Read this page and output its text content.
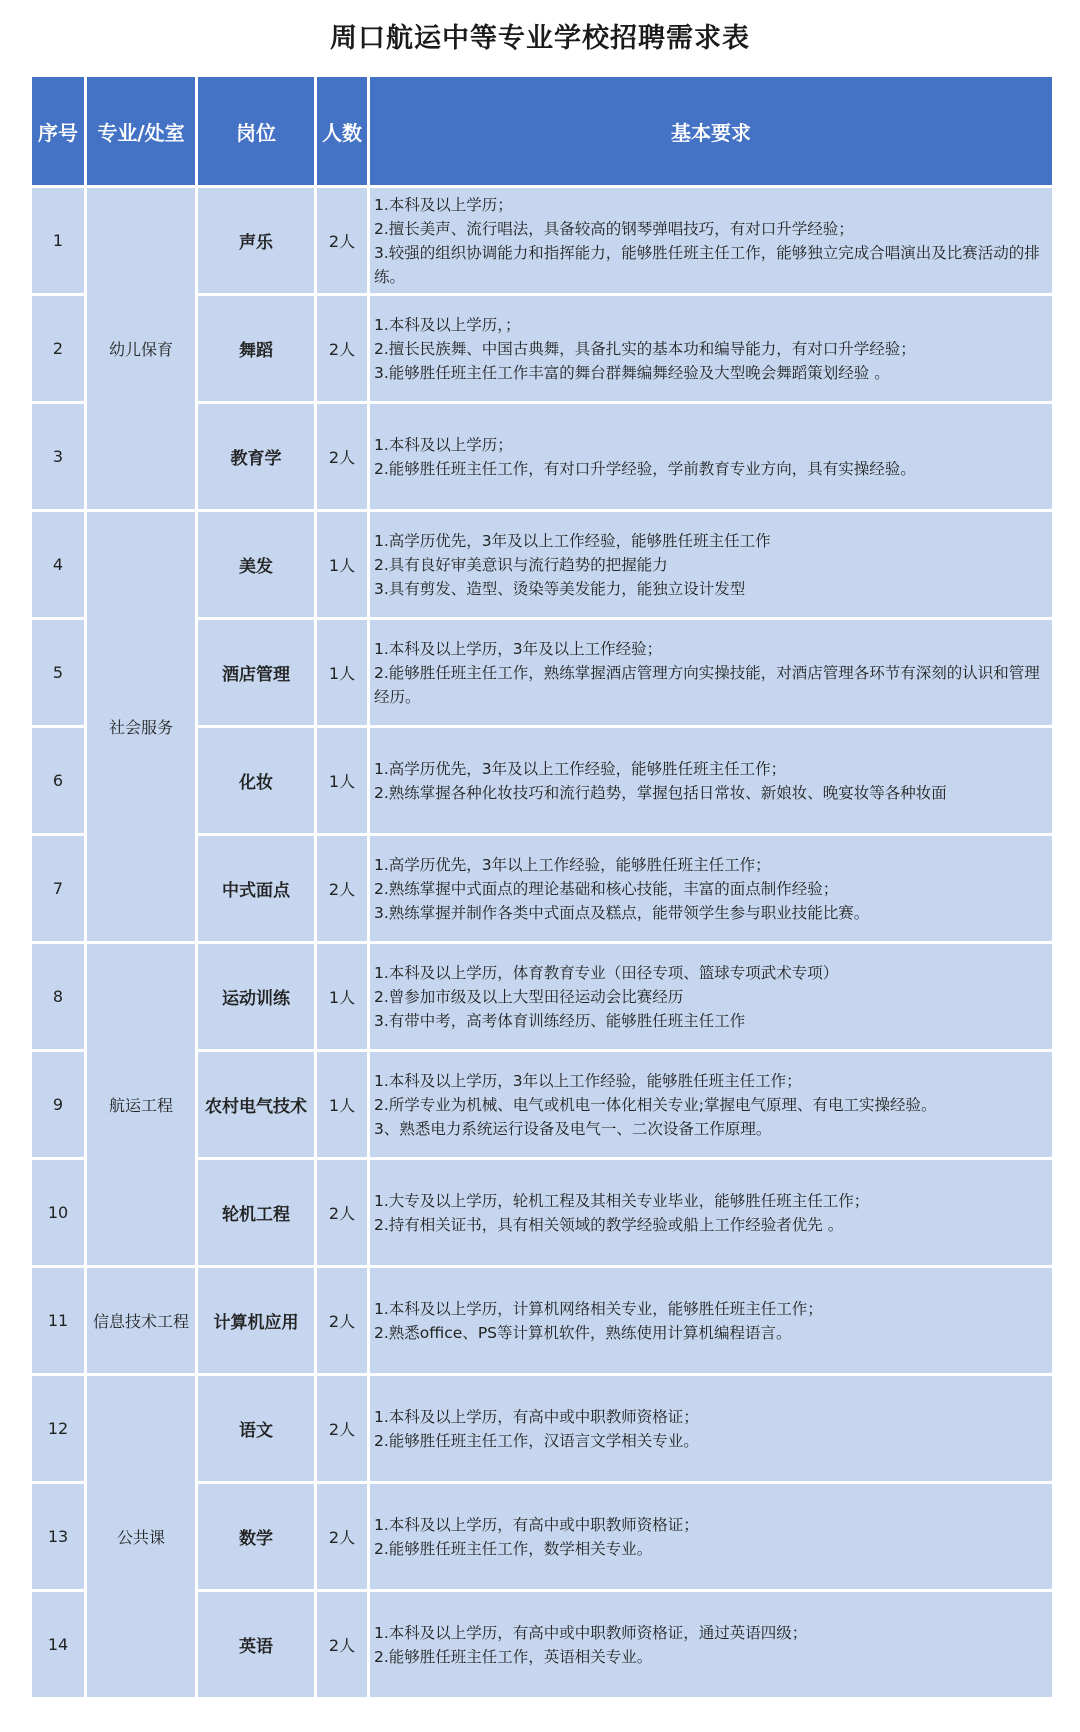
周口航运中等专业学校招聘需求表
序号	专业/处室	岗位	人数	基本要求
1	幼儿保育	声乐	2人	1.本科及以上学历；
2.擅长美声、流行唱法，具备较高的钢琴弹唱技巧，有对口升学经验；
3.较强的组织协调能力和指挥能力，能够胜任班主任工作，能够独立完成合唱演出及比赛活动的排练。

2		舞蹈	2人	1.本科及以上学历，；
2.擅长民族舞、中国古典舞，具备扎实的基本功和编导能力，有对口升学经验；
3.能够胜任班主任工作丰富的舞台群舞编舞经验及大型晚会舞蹈策划经验 。

3		教育学	2人	1.本科及以上学历；
2.能够胜任班主任工作，有对口升学经验，学前教育专业方向，具有实操经验。

4	社会服务	美发	1人	1.高学历优先，3年及以上工作经验，能够胜任班主任工作
2.具有良好审美意识与流行趋势的把握能力
3.具有剪发、造型、烫染等美发能力，能独立设计发型

5		酒店管理	1人	1.本科及以上学历，3年及以上工作经验；
2.能够胜任班主任工作，熟练掌握酒店管理方向实操技能，对酒店管理各环节有深刻的认识和管理经历。

6		化妆	1人	1.高学历优先，3年及以上工作经验，能够胜任班主任工作；
2.熟练掌握各种化妆技巧和流行趋势，掌握包括日常妆、新娘妆、晚宴妆等各种妆面

7		中式面点	2人	1.高学历优先，3年以上工作经验，能够胜任班主任工作；
2.熟练掌握中式面点的理论基础和核心技能，丰富的面点制作经验；
3.熟练掌握并制作各类中式面点及糕点，能带领学生参与职业技能比赛。

8	航运工程	运动训练	1人	1.本科及以上学历，体育教育专业（田径专项、篮球专项武术专项）
2.曾参加市级及以上大型田径运动会比赛经历
3.有带中考，高考体育训练经历、能够胜任班主任工作

9		农村电气技术	1人	1.本科及以上学历，3年以上工作经验，能够胜任班主任工作；
2.所学专业为机械、电气或机电一体化相关专业;掌握电气原理、有电工实操经验。
3、熟悉电力系统运行设备及电气一、二次设备工作原理。

10		轮机工程	2人	1.大专及以上学历，轮机工程及其相关专业毕业，能够胜任班主任工作；
2.持有相关证书，具有相关领域的教学经验或船上工作经验者优先 。

11	信息技术工程	计算机应用	2人	1.本科及以上学历，计算机网络相关专业，能够胜任班主任工作；
2.熟悉office、PS等计算机软件，熟练使用计算机编程语言。

12	公共课	语文	2人	1.本科及以上学历，有高中或中职教师资格证；
2.能够胜任班主任工作，汉语言文学相关专业。

13		数学	2人	1.本科及以上学历，有高中或中职教师资格证；
2.能够胜任班主任工作，数学相关专业。

14		英语	2人	1.本科及以上学历，有高中或中职教师资格证，通过英语四级；
2.能够胜任班主任工作，英语相关专业。
